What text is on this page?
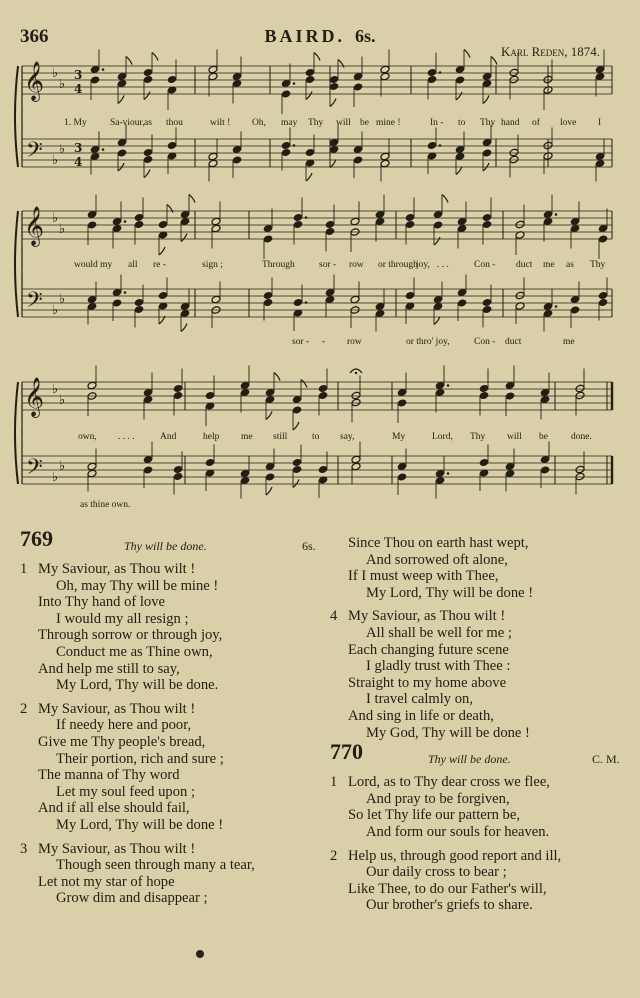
366	BAIRD. 6s.
Karl Reden, 1874.
𝄞
𝄢
♭
♭
♭
♭
3
4
3
4
𝄞
𝄢
♭
♭
♭
♭
𝄞
𝄢
♭
♭
♭
♭
1. My Sa-viour, as thou	wilt ! Oh, may Thy will be mine !	In - to Thy hand of love I
would my all re -	sign ;	Through	sor - row or through
joy, . . .	Con - duct me as Thy
sor - - row	or thro' joy,	Con - duct	me
own, . . . .	And	help me still	to say,	My	Lord, Thy will be done.
as thine own.
769	Thy will be done.	6s.
1 My Saviour, as Thou wilt !
Oh, may Thy will be mine !
Into Thy hand of love
I would my all resign ;
Through sorrow or through joy,
Conduct me as Thine own,
And help me still to say,
My Lord, Thy will be done.
2 My Saviour, as Thou wilt !
If needy here and poor,
Give me Thy people's bread,
Their portion, rich and sure ;
The manna of Thy word
Let my soul feed upon ;
And if all else should fail,
My Lord, Thy will be done !
3 My Saviour, as Thou wilt !
Though seen through many a tear,
Let not my star of hope
Grow dim and disappear ;
Since Thou on earth hast wept,
And sorrowed oft alone,
If I must weep with Thee,
My Lord, Thy will be done !
4 My Saviour, as Thou wilt !
All shall be well for me ;
Each changing future scene
I gladly trust with Thee :
Straight to my home above
I travel calmly on,
And sing in life or death,
My God, Thy will be done !
770	Thy will be done.	C. M.
1 Lord, as to Thy dear cross we flee,
And pray to be forgiven,
So let Thy life our pattern be,
And form our souls for heaven.
2 Help us, through good report and ill,
Our daily cross to bear ;
Like Thee, to do our Father's will,
Our brother's griefs to share.
